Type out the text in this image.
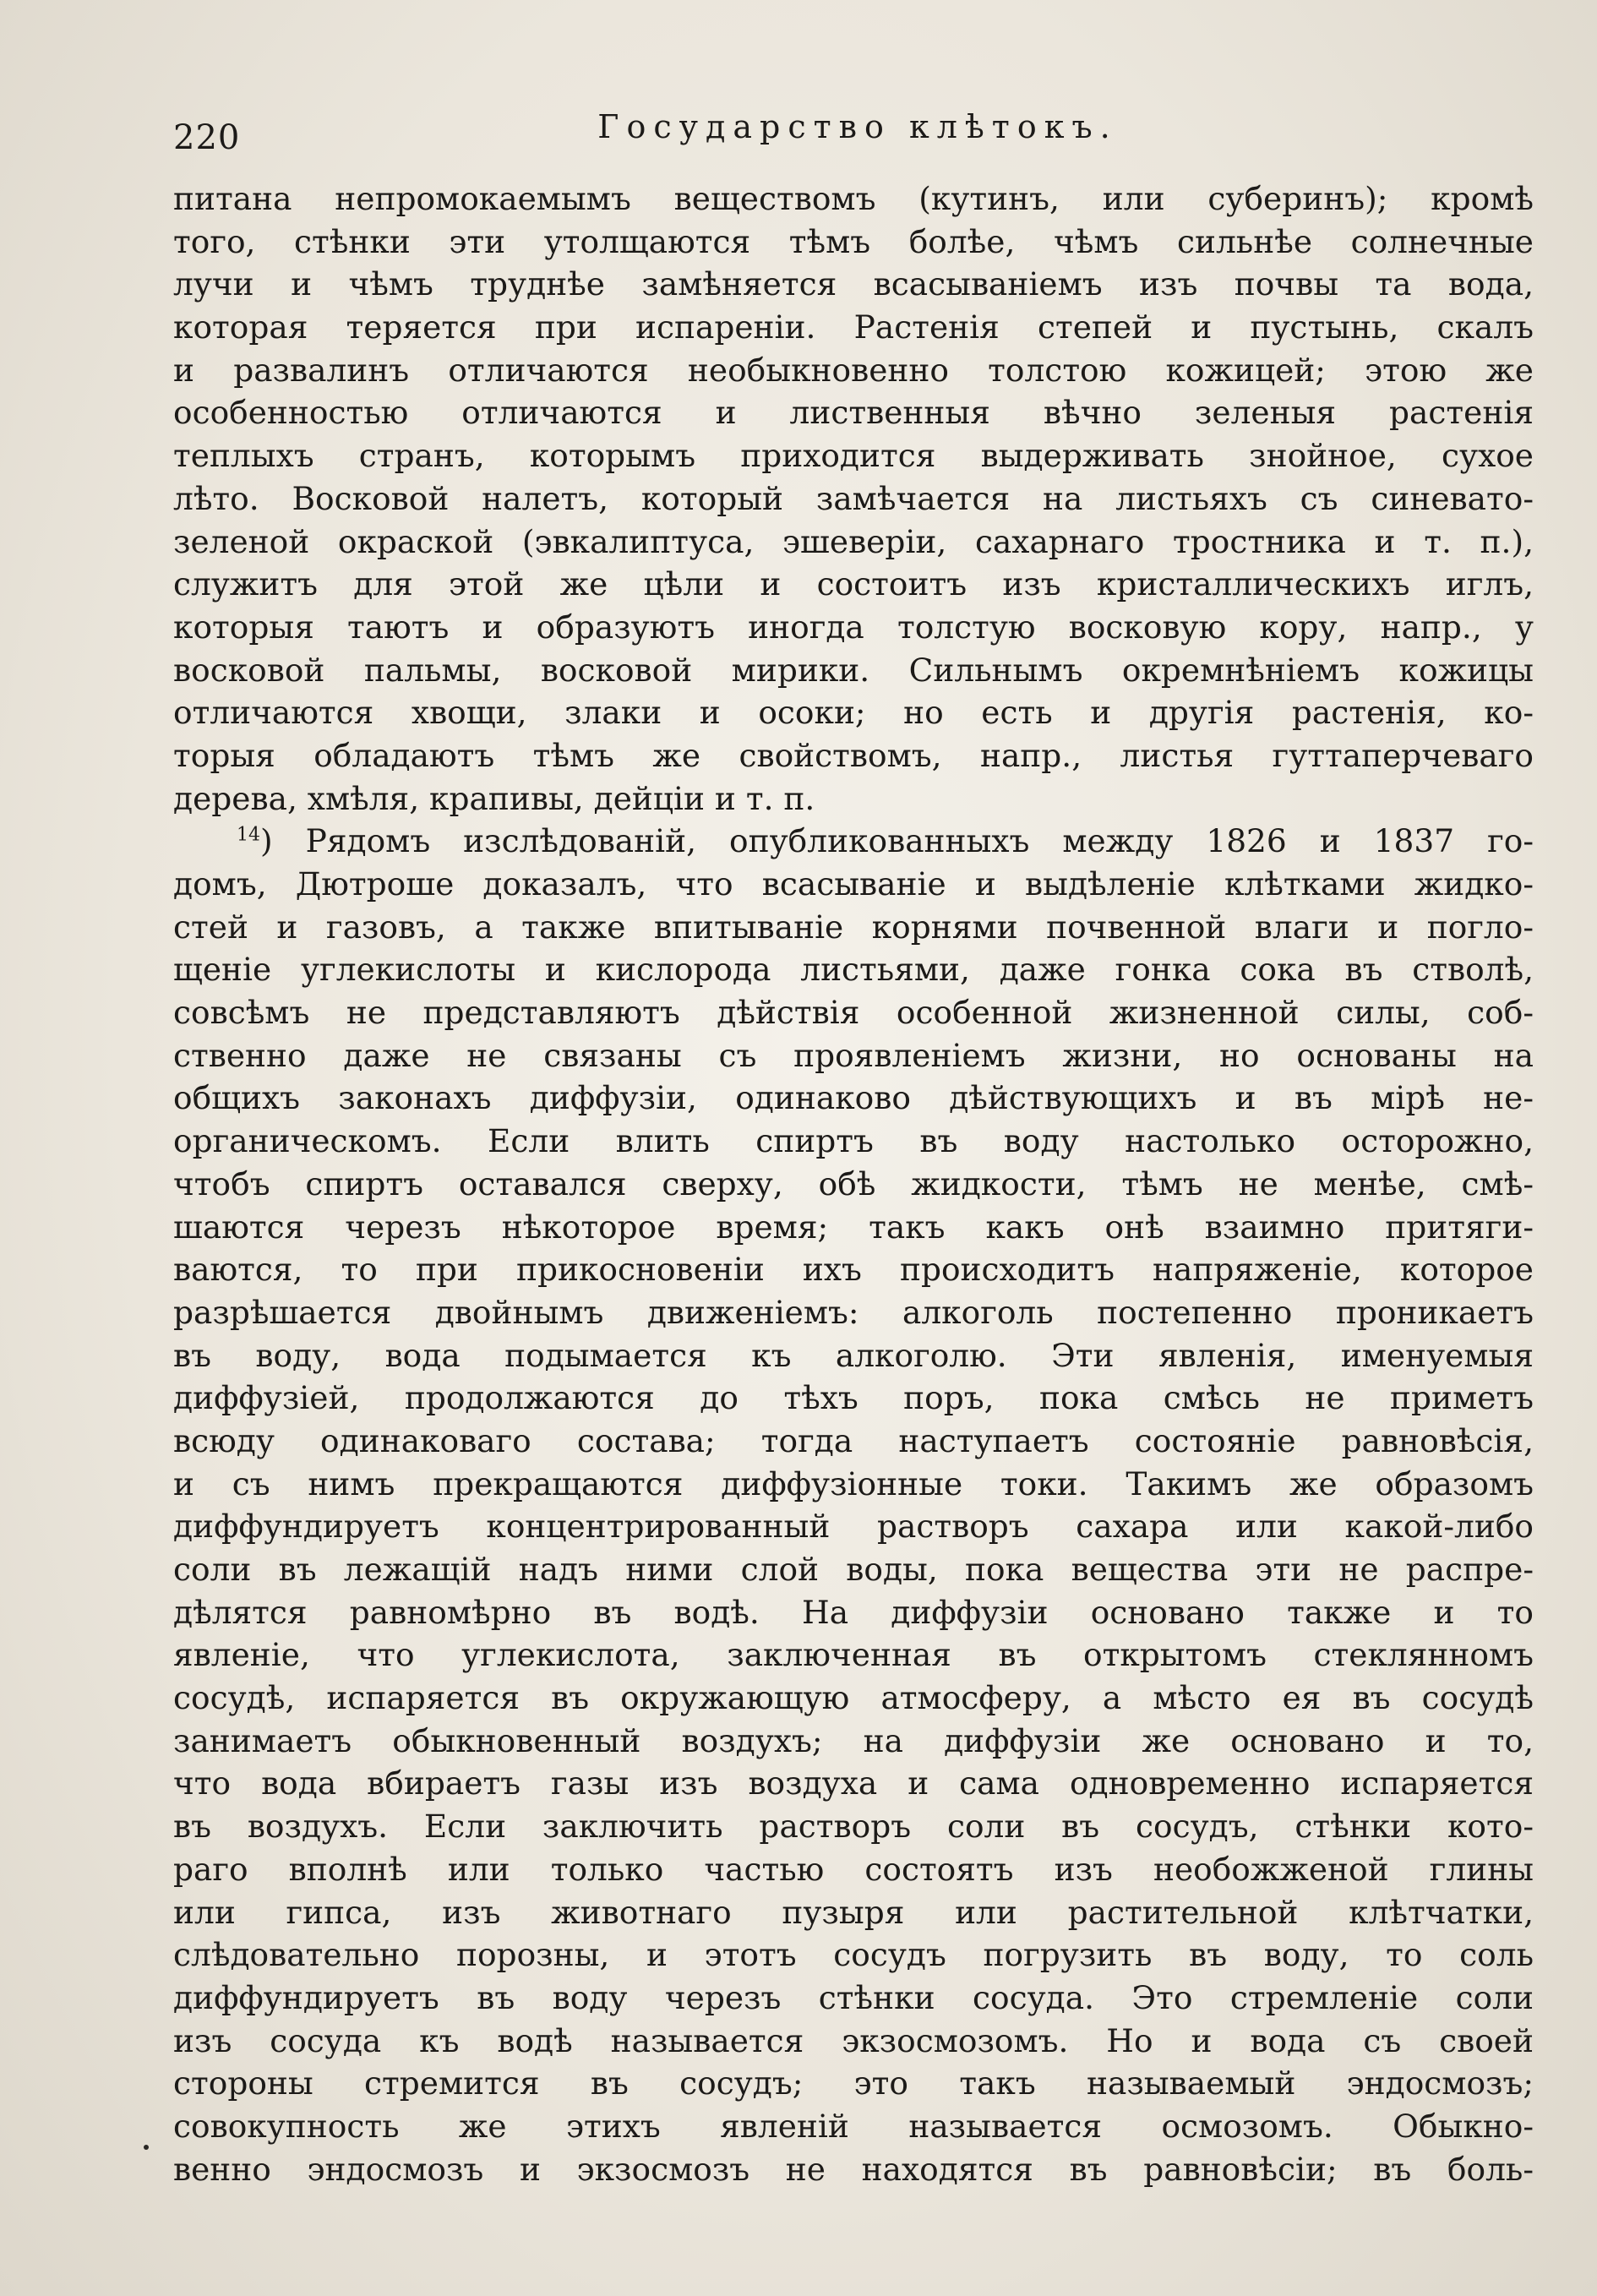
220	Государство клѣтокъ.
питана непромокаемымъ веществомъ (кутинъ, или суберинъ); кромѣ
того, стѣнки эти утолщаются тѣмъ болѣе, чѣмъ сильнѣе солнечные
лучи и чѣмъ труднѣе замѣняется всасываніемъ изъ почвы та вода,
которая теряется при испареніи. Растенія степей и пустынь, скалъ
и развалинъ отличаются необыкновенно толстою кожицей; этою же
особенностью отличаются и лиственныя вѣчно зеленыя растенія
теплыхъ странъ, которымъ приходится выдерживать знойное, сухое
лѣто. Восковой налетъ, который замѣчается на листьяхъ съ синевато-
зеленой окраской (эвкалиптуса, эшеверіи, сахарнаго тростника и т. п.),
служитъ для этой же цѣли и состоитъ изъ кристаллическихъ иглъ,
которыя таютъ и образуютъ иногда толстую восковую кору, напр., у
восковой пальмы, восковой мирики. Сильнымъ окремнѣніемъ кожицы
отличаются хвощи, злаки и осоки; но есть и другія растенія, ко-
торыя обладаютъ тѣмъ же свойствомъ, напр., листья гуттаперчеваго
дерева, хмѣля, крапивы, дейціи и т. п.
$^{14}$) Рядомъ изслѣдованій, опубликованныхъ между 1826 и 1837 го-
домъ, Дютроше доказалъ, что всасываніе и выдѣленіе клѣтками жидко-
стей и газовъ, а также впитываніе корнями почвенной влаги и погло-
щеніе углекислоты и кислорода листьями, даже гонка сока въ стволѣ,
совсѣмъ не представляютъ дѣйствія особенной жизненной силы, соб-
ственно даже не связаны съ проявленіемъ жизни, но основаны на
общихъ законахъ диффузіи, одинаково дѣйствующихъ и въ мірѣ не-
органическомъ. Если влить спиртъ въ воду настолько осторожно,
чтобъ спиртъ оставался сверху, обѣ жидкости, тѣмъ не менѣе, смѣ-
шаются черезъ нѣкоторое время; такъ какъ онѣ взаимно притяги-
ваются, то при прикосновеніи ихъ происходитъ напряженіе, которое
разрѣшается двойнымъ движеніемъ: алкоголь постепенно проникаетъ
въ воду, вода подымается къ алкоголю. Эти явленія, именуемыя
диффузіей, продолжаются до тѣхъ поръ, пока смѣсь не приметъ
всюду одинаковаго состава; тогда наступаетъ состояніе равновѣсія,
и съ нимъ прекращаются диффузіонные токи. Такимъ же образомъ
диффундируетъ концентрированный растворъ сахара или какой-либо
соли въ лежащій надъ ними слой воды, пока вещества эти не распре-
дѣлятся равномѣрно въ водѣ. На диффузіи основано также и то
явленіе, что углекислота, заключенная въ открытомъ стеклянномъ
сосудѣ, испаряется въ окружающую атмосферу, а мѣсто ея въ сосудѣ
занимаетъ обыкновенный воздухъ; на диффузіи же основано и то,
что вода вбираетъ газы изъ воздуха и сама одновременно испаряется
въ воздухъ. Если заключить растворъ соли въ сосудъ, стѣнки кото-
раго вполнѣ или только частью состоятъ изъ необожженой глины
или гипса, изъ животнаго пузыря или растительной клѣтчатки,
слѣдовательно порозны, и этотъ сосудъ погрузить въ воду, то соль
диффундируетъ въ воду черезъ стѣнки сосуда. Это стремленіе соли
изъ сосуда къ водѣ называется экзосмозомъ. Но и вода съ своей
стороны стремится въ сосудъ; это такъ называемый эндосмозъ;
совокупность же этихъ явленій называется осмозомъ. Обыкно-
венно эндосмозъ и экзосмозъ не находятся въ равновѣсіи; въ боль-
